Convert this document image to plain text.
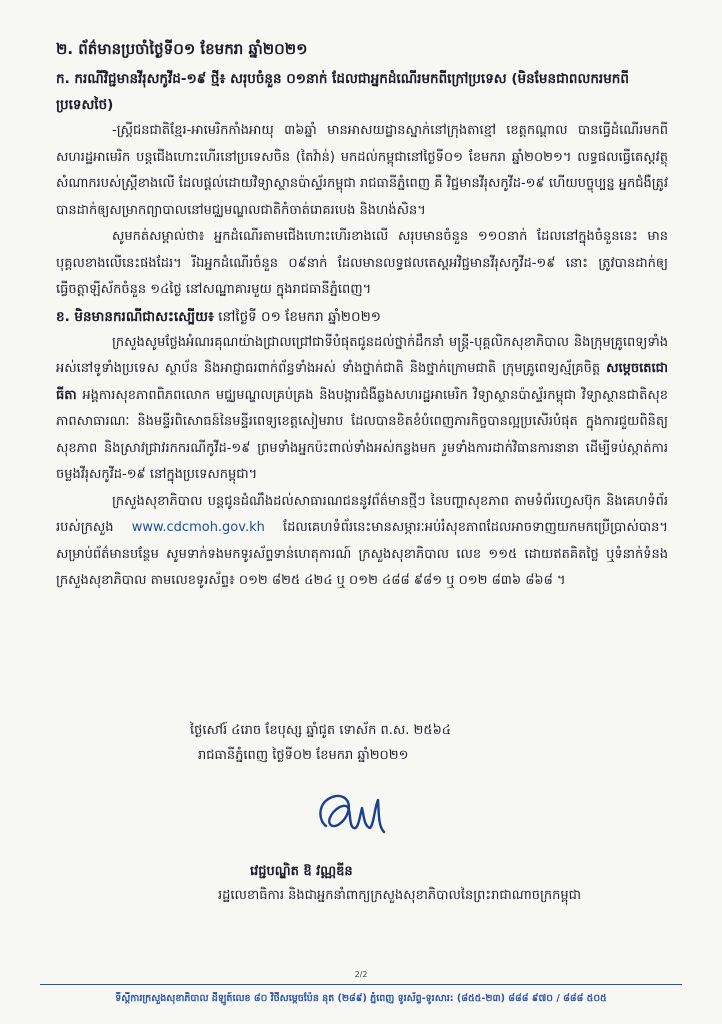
២. ព័ត៌មានប្រចាំថ្ងៃទី០១ ខែមករា ឆ្នាំ២០២១

ក. ករណីវិជ្ជមានវីរុសកូវីដ-១៩ ថ្មី៖ សរុបចំនួន ០១នាក់ ដែលជាអ្នកដំណើរមកពីក្រៅប្រទេស (មិនមែនជាពលករមកពីប្រទេសថៃ)

-ស្ត្រីជនជាតិខ្មែរ-អាមេរិកកាំងអាយុ ៣៦ឆ្នាំ មានអាសយដ្ឋានស្នាក់នៅក្រុងតាខ្មៅ ខេត្តកណ្តាល បានធ្វើដំណើរមកពីសហរដ្ឋអាមេរិក បន្តជើងហោះហើរនៅប្រទេសចិន (តៃវ៉ាន់) មកដល់កម្ពុជានៅថ្ងៃទី០១ ខែមករា ឆ្នាំ២០២១។ លទ្ធផលធ្វើតេស្តវត្ថុសំណាករបស់ស្ត្រីខាងលើ ដែលផ្តល់ដោយវិទ្យាស្ថានប៉ាស្ទ័រកម្ពុជា រាជធានីភ្នំពេញ គឺ វិជ្ជមានវីរុសកូវីដ-១៩ ហើយបច្ចុប្បន្ន អ្នកជំងឺត្រូវបានដាក់ឲ្យសម្រាកព្យាបាលនៅមជ្ឈមណ្ឌលជាតិកំចាត់រោគរបេង និងហង់សិន។

សូមកត់សម្គាល់ថា៖ អ្នកដំណើរតាមជើងហោះហើរខាងលើ សរុបមានចំនួន ១១០នាក់ ដែលនៅក្នុងចំនួននេះ មានបុគ្គលខាងលើនេះផងដែរ។ រីឯអ្នកដំណើរចំនួន ០៩នាក់ ដែលមានលទ្ធផលតេស្តអវិជ្ជមានវីរុសកូវីដ-១៩ នោះ ត្រូវបានដាក់ឲ្យធ្វើចត្តាឡីស័កចំនួន ១៤ថ្ងៃ នៅសណ្ឋាគារមួយ ក្នុងរាជធានីភ្នំពេញ។

ខ. មិនមានករណីជាសះស្បើយ៖ នៅថ្ងៃទី ០១ ខែមករា ឆ្នាំ២០២១

ក្រសួងសូមថ្លែងអំណរគុណយ៉ាងជ្រាលជ្រៅជាទីបំផុតជូនដល់ថ្នាក់ដឹកនាំ មន្ត្រី-បុគ្គលិកសុខាភិបាល និងក្រុមគ្រូពេទ្យទាំងអស់នៅទូទាំងប្រទេស ស្ថាប័ន និងអាជ្ញាធរពាក់ព័ន្ធទាំងអស់ ទាំងថ្នាក់ជាតិ និងថ្នាក់ក្រោមជាតិ ក្រុមគ្រូពេទ្យស្ម័គ្រចិត្ត សម្តេចតេជោ ធីតា អង្គការសុខភាពពិភពលោក មជ្ឈមណ្ឌលគ្រប់គ្រង និងបង្ការជំងឺឆ្លងសហរដ្ឋអាមេរិក វិទ្យាស្ថានប៉ាស្ទ័រកម្ពុជា វិទ្យាស្ថានជាតិសុខភាពសាធារណៈ និងមន្ទីរពិសោធន៍នៃមន្ទីរពេទ្យខេត្តសៀមរាប ដែលបានខិតខំបំពេញភារកិច្ចបានល្អប្រសើរបំផុត ក្នុងការជួយពិនិត្យសុខភាព និងស្រាវជ្រាវរកករណីកូវីដ-១៩ ព្រមទាំងអ្នកប៉ះពាល់ទាំងអស់កន្លងមក រួមទាំងការដាក់វិធានការនានា ដើម្បីទប់ស្កាត់ការចម្លងវីរុសកូវីដ-១៩ នៅក្នុងប្រទេសកម្ពុជា។

ក្រសួងសុខាភិបាល បន្តជូនដំណឹងដល់សាធារណជននូវព័ត៌មានថ្មីៗ នៃបញ្ហាសុខភាព តាមទំព័រហ្វេសប៊ុក និងគេហទំព័ររបស់ក្រសួង www.cdcmoh.gov.kh ដែលគេហទំព័រនេះមានសម្ភារៈអប់រំសុខភាពដែលអាចទាញយកមកប្រើប្រាស់បាន។ សម្រាប់ព័ត៌មានបន្ថែម សូមទាក់ទងមកទូរស័ព្ទទាន់ហេតុការណ៍ ក្រសួងសុខាភិបាល លេខ ១១៥ ដោយឥតគិតថ្លៃ ឬទំនាក់ទំនងក្រសួងសុខាភិបាល តាមលេខទូរស័ព្ទ៖ ០១២ ៨២៥ ៤២៤ ឬ ០១២ ៤៨៨ ៩៨១ ឬ ០១២ ៨៣៦ ៨៦៨ ។

ថ្ងៃសៅរ៍ ៤រោច ខែបុស្ស ឆ្នាំជូត ទោស័ក ព.ស. ២៥៦៤
រាជធានីភ្នំពេញ ថ្ងៃទី០២ ខែមករា ឆ្នាំ២០២១
វេជ្ជបណ្ឌិត ឱ វណ្ណឌីន
រដ្ឋលេខាធិការ និងជាអ្នកនាំពាក្យក្រសួងសុខាភិបាលនៃព្រះរាជាណាចក្រកម្ពុជា
2/2
ទីស្តីការក្រសួងសុខាភិបាល ដីឡូត៍លេខ ៨០ វិថីសម្តេចប៉ែន នុត (២៨៩) ភ្នំពេញ ទូរស័ព្ទ-ទូរសារ: (៨៥៥-២៣) ៨៨៨ ៩៧០ / ៨៨៨ ៥០៥
